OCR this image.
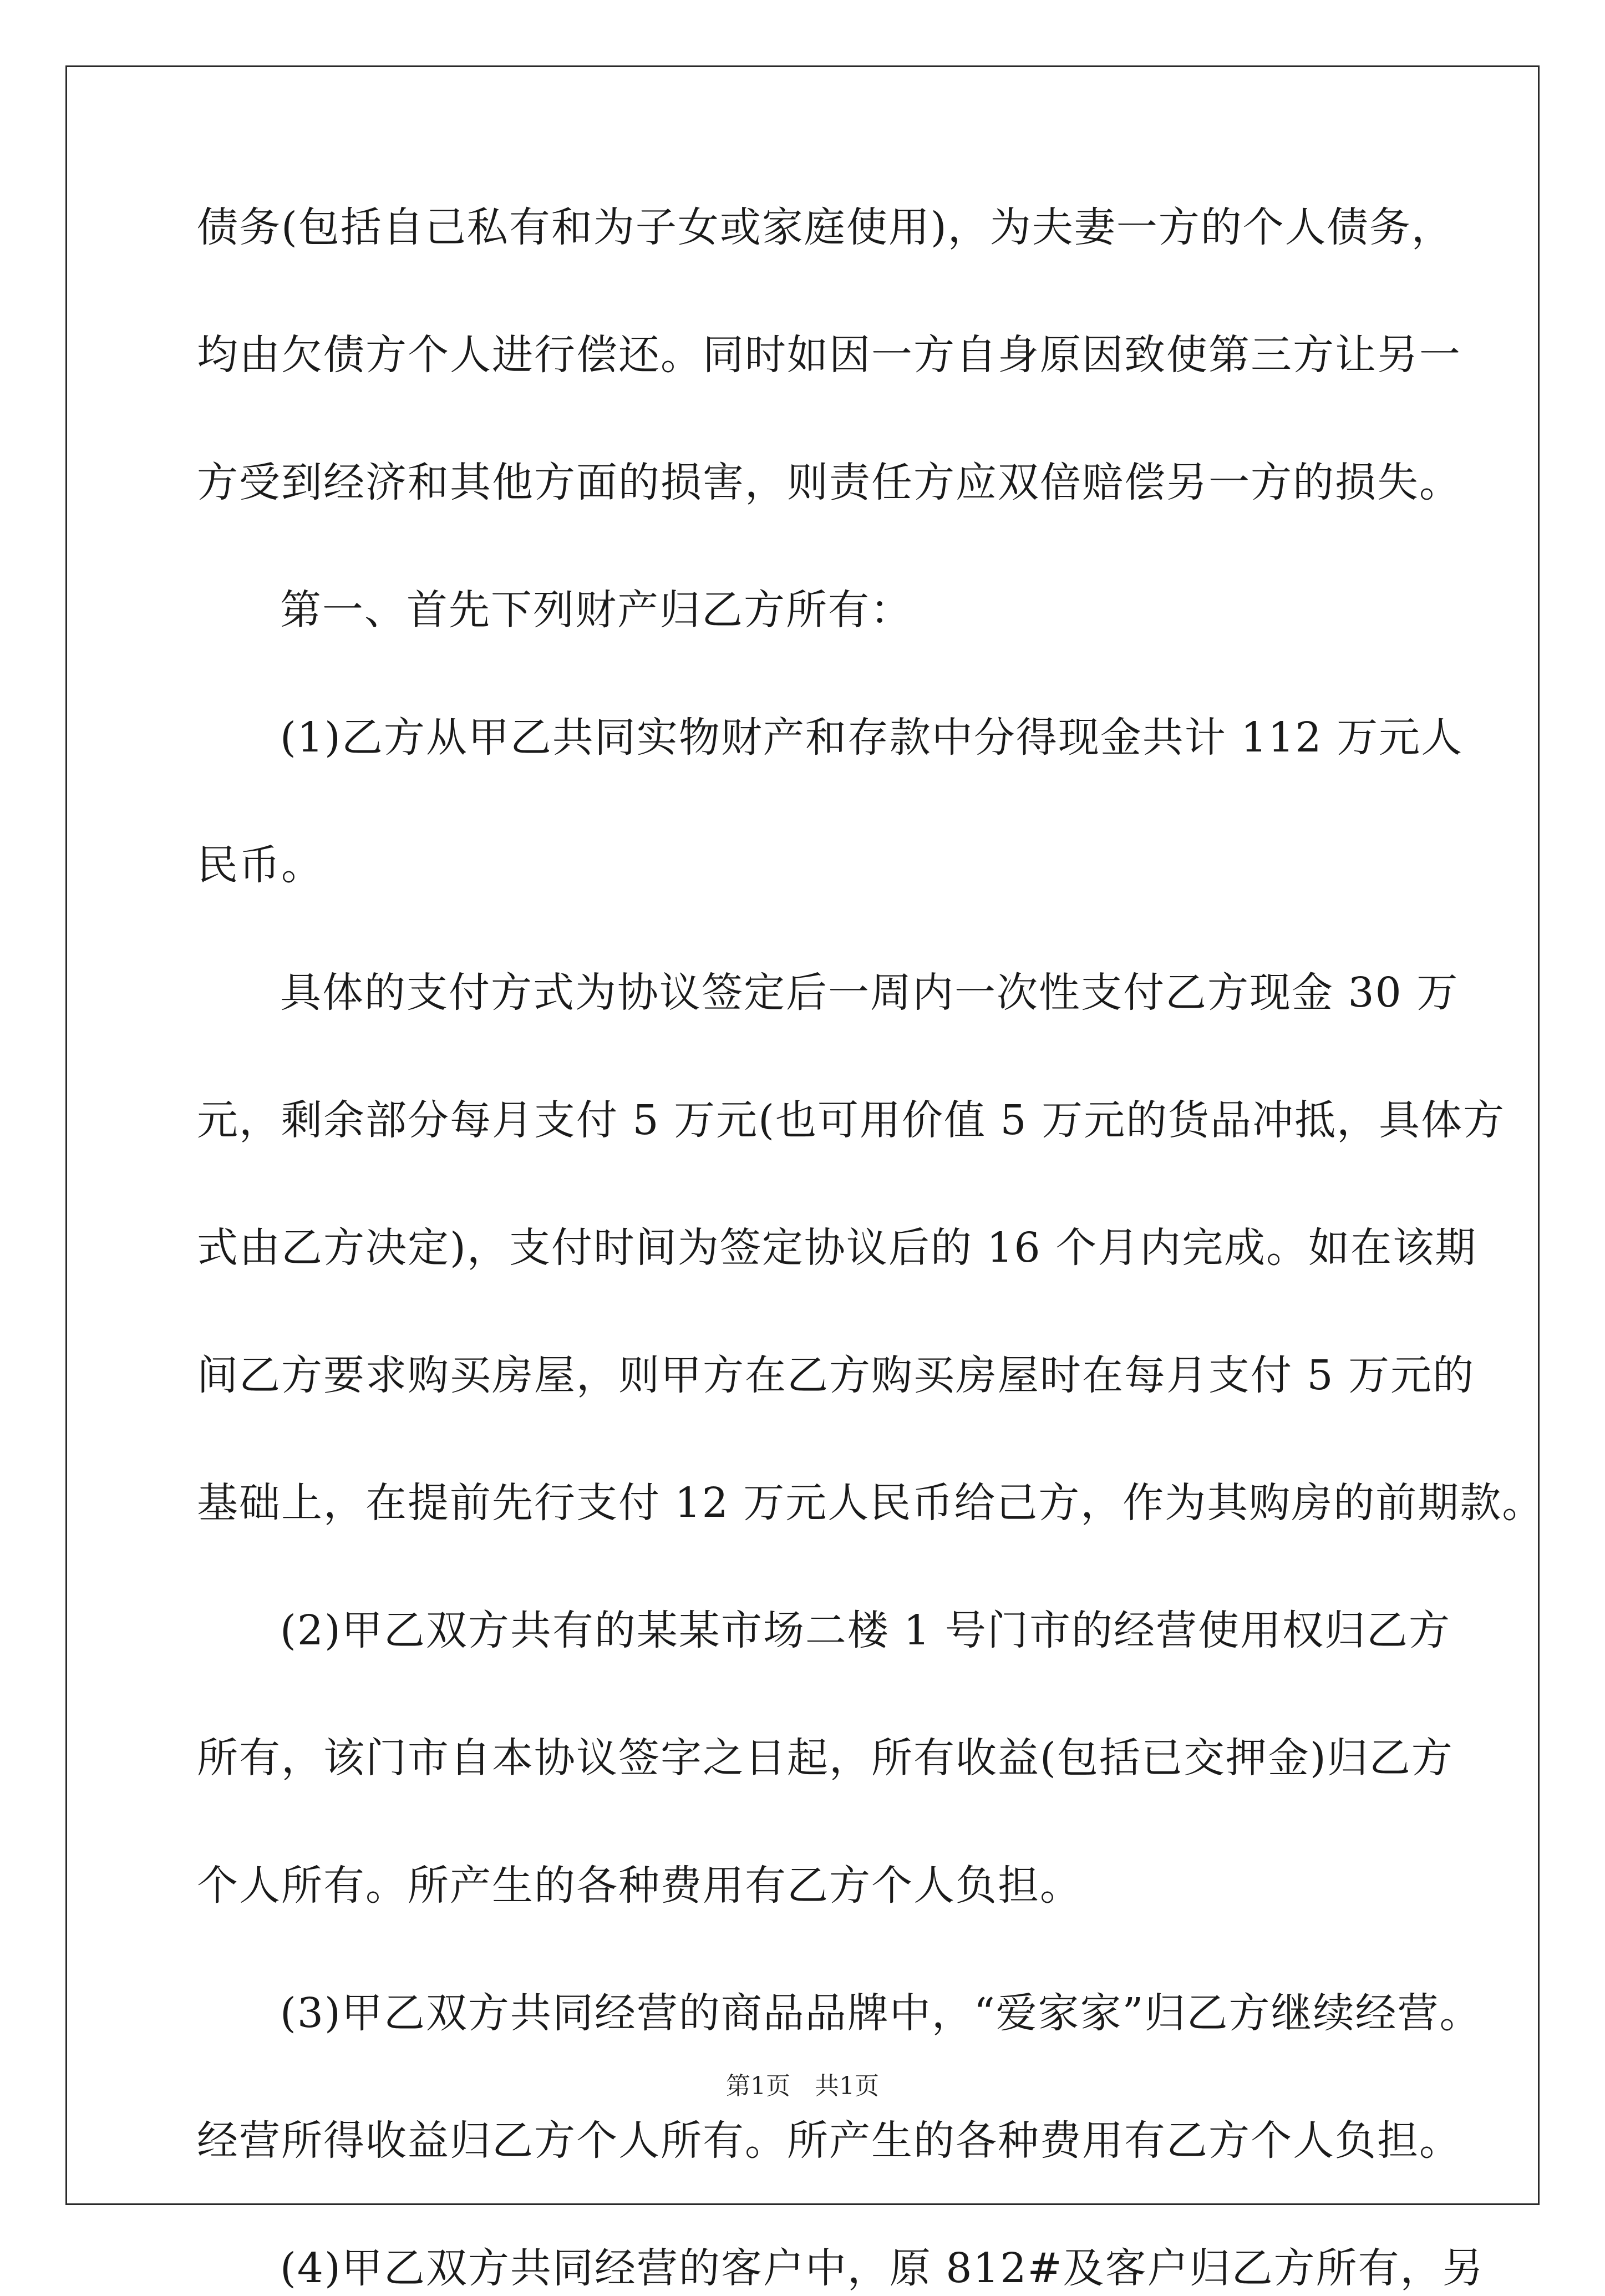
债务(包括自己私有和为子女或家庭使用)，为夫妻一方的个人债务，
均由欠债方个人进行偿还。同时如因一方自身原因致使第三方让另一
方受到经济和其他方面的损害，则责任方应双倍赔偿另一方的损失。
第一、首先下列财产归乙方所有：
(1)乙方从甲乙共同实物财产和存款中分得现金共计 112 万元人
民币。
具体的支付方式为协议签定后一周内一次性支付乙方现金 30 万
元，剩余部分每月支付 5 万元(也可用价值 5 万元的货品冲抵，具体方
式由乙方决定)，支付时间为签定协议后的 16 个月内完成。如在该期
间乙方要求购买房屋，则甲方在乙方购买房屋时在每月支付 5 万元的
基础上，在提前先行支付 12 万元人民币给己方，作为其购房的前期款。
(2)甲乙双方共有的某某市场二楼 1 号门市的经营使用权归乙方
所有，该门市自本协议签字之日起，所有收益(包括已交押金)归乙方
个人所有。所产生的各种费用有乙方个人负担。
(3)甲乙双方共同经营的商品品牌中，“爱家家”归乙方继续经营。
经营所得收益归乙方个人所有。所产生的各种费用有乙方个人负担。
(4)甲乙双方共同经营的客户中，原 812#及客户归乙方所有，另
第1页　共1页
